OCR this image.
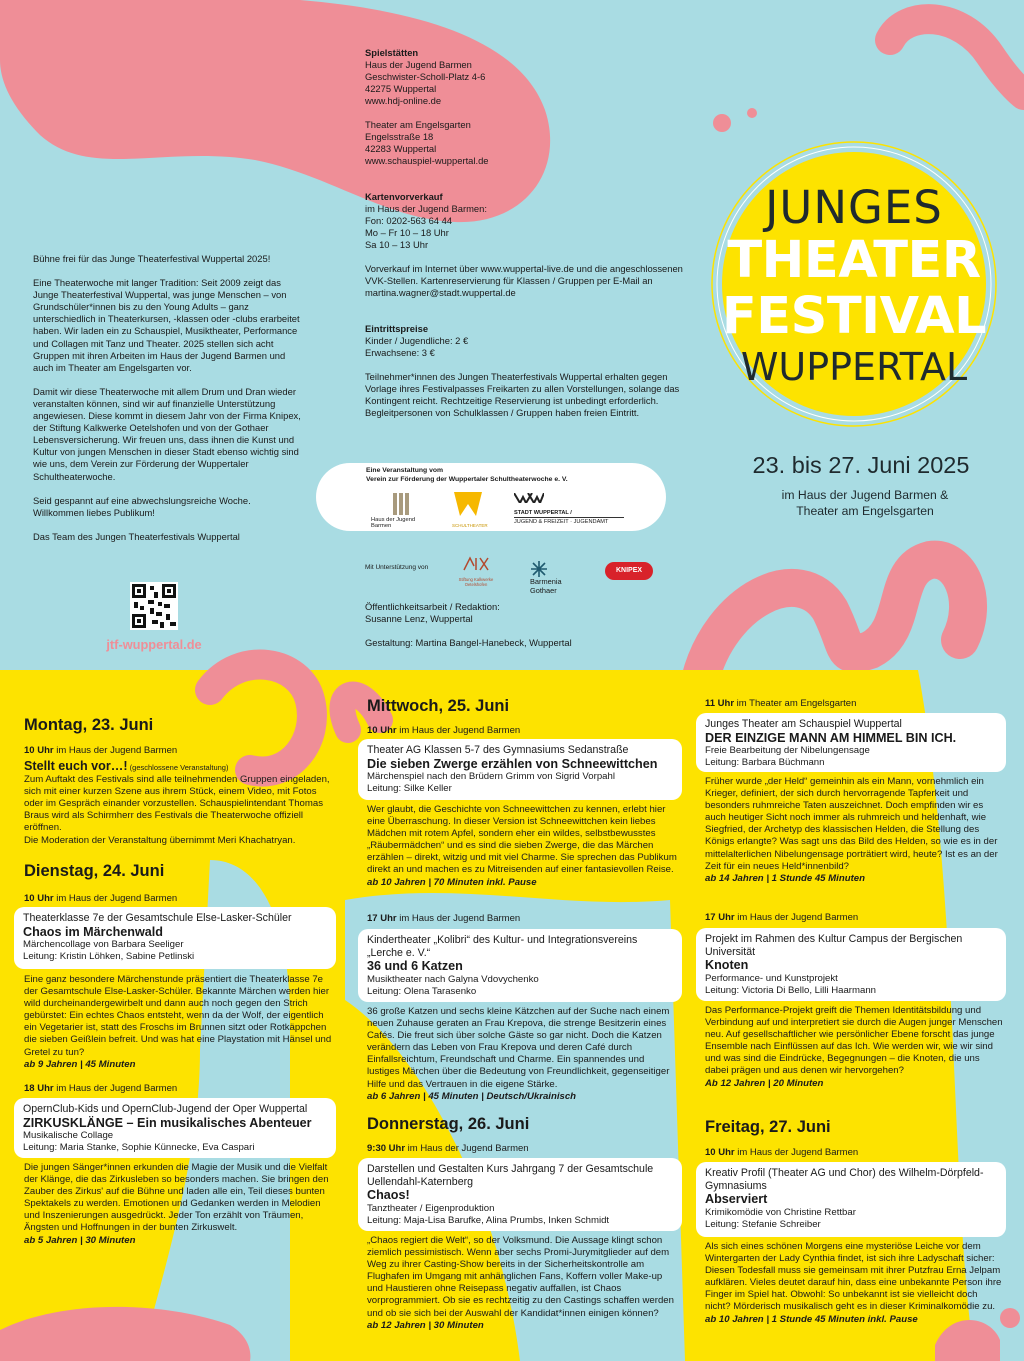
Bühne frei für das Junge Theaterfestival Wuppertal 2025!

Eine Theaterwoche mit langer Tradition: Seit 2009 zeigt das Junge Theaterfestival Wuppertal, was junge Menschen – von Grundschüler*innen bis zu den Young Adults – ganz unterschiedlich in Theaterkursen, -klassen oder -clubs erarbeitet haben. Wir laden ein zu Schauspiel, Musiktheater, Performance und Collagen mit Tanz und Theater. 2025 stellen sich acht Gruppen mit ihren Arbeiten im Haus der Jugend Barmen und auch im Theater am Engelsgarten vor.

Damit wir diese Theaterwoche mit allem Drum und Dran wieder veranstalten können, sind wir auf finanzielle Unterstützung angewiesen. Diese kommt in diesem Jahr von der Firma Knipex, der Stiftung Kalkwerke Oetelshofen und von der Gothaer Lebensversicherung. Wir freuen uns, dass ihnen die Kunst und Kultur von jungen Menschen in dieser Stadt ebenso wichtig sind wie uns, dem Verein zur Förderung der Wuppertaler Schultheaterwoche.

Seid gespannt auf eine abwechslungsreiche Woche. Willkommen liebes Publikum!

Das Team des Jungen Theaterfestivals Wuppertal

jtf-wuppertal.de
Spielstätten
Haus der Jugend Barmen
Geschwister-Scholl-Platz 4-6
42275 Wuppertal
www.hdj-online.de
Theater am Engelsgarten
Engelsstraße 18
42283 Wuppertal
www.schauspiel-wuppertal.de
Kartenvorverkauf
im Haus der Jugend Barmen:
Fon: 0202-563 64 44
Mo – Fr 10 – 18 Uhr
Sa 10 – 13 Uhr
Vorverkauf im Internet über www.wuppertal-live.de und die angeschlossenen VVK-Stellen. Kartenreservierung für Klassen / Gruppen per E-Mail an martina.wagner@stadt.wuppertal.de
Eintrittspreise
Kinder / Jugendliche: 2 €
Erwachsene: 3 €
Teilnehmer*innen des Jungen Theaterfestivals Wuppertal erhalten gegen Vorlage ihres Festivalpasses Freikarten zu allen Vorstellungen, solange das Kontingent reicht. Rechtzeitige Reservierung ist unbedingt erforderlich. Begleitpersonen von Schulklassen / Gruppen haben freien Eintritt.
Eine Veranstaltung vom
Verein zur Förderung der Wuppertaler Schultheaterwoche e. V.
Haus der Jugend Barmen	SCHULTHEATER
STADT WUPPERTAL /
JUGEND & FREIZEIT · JUGENDAMT
Mit Unterstützung von
Stiftung Kalkwerke Oetelshofen	Barmenia
Gothaer
KNIPEX

Öffentlichkeitsarbeit / Redaktion:
Susanne Lenz, Wuppertal

Gestaltung: Martina Bangel-Hanebeck, Wuppertal

JUNGES
THEATER
FESTIVAL
WUPPERTAL
23. bis 27. Juni 2025
im Haus der Jugend Barmen &
Theater am Engelsgarten
Montag, 23. Juni
10 Uhr im Haus der Jugend Barmen
Stellt euch vor…! (geschlossene Veranstaltung)
Zum Auftakt des Festivals sind alle teilnehmenden Gruppen eingeladen, sich mit einer kurzen Szene aus ihrem Stück, einem Video, mit Fotos oder im Gespräch einander vorzustellen. Schauspielintendant Thomas Braus wird als Schirmherr des Festivals die Theaterwoche offiziell eröffnen.
Die Moderation der Veranstaltung übernimmt Meri Khachatryan.
Dienstag, 24. Juni
10 Uhr im Haus der Jugend Barmen
Theaterklasse 7e der Gesamtschule Else-Lasker-Schüler
Chaos im Märchenwald
Märchencollage von Barbara Seeliger
Leitung: Kristin Löhken, Sabine Petlinski
Eine ganz besondere Märchenstunde präsentiert die Theaterklasse 7e der Gesamtschule Else-Lasker-Schüler. Bekannte Märchen werden hier wild durcheinandergewirbelt und dann auch noch gegen den Strich gebürstet: Ein echtes Chaos entsteht, wenn da der Wolf, der eigentlich ein Vegetarier ist, statt des Froschs im Brunnen sitzt oder Rotkäppchen die sieben Geißlein befreit. Und was hat eine Playstation mit Hänsel und Gretel zu tun?
ab 9 Jahren | 45 Minuten
18 Uhr im Haus der Jugend Barmen
OpernClub-Kids und OpernClub-Jugend der Oper Wuppertal
ZIRKUSKLÄNGE – Ein musikalisches Abenteuer
Musikalische Collage
Leitung: Maria Stanke, Sophie Künnecke, Eva Caspari
Die jungen Sänger*innen erkunden die Magie der Musik und die Vielfalt der Klänge, die das Zirkusleben so besonders machen. Sie bringen den Zauber des Zirkus' auf die Bühne und laden alle ein, Teil dieses bunten Spektakels zu werden. Emotionen und Gedanken werden in Melodien und Inszenierungen ausgedrückt. Jeder Ton erzählt von Träumen, Ängsten und Hoffnungen in der bunten Zirkuswelt.
ab 5 Jahren | 30 Minuten
Mittwoch, 25. Juni
10 Uhr im Haus der Jugend Barmen
Theater AG Klassen 5-7 des Gymnasiums Sedanstraße
Die sieben Zwerge erzählen von Schneewittchen
Märchenspiel nach den Brüdern Grimm von Sigrid Vorpahl
Leitung: Silke Keller
Wer glaubt, die Geschichte von Schneewittchen zu kennen, erlebt hier eine Überraschung. In dieser Version ist Schneewittchen kein liebes Mädchen mit rotem Apfel, sondern eher ein wildes, selbstbewusstes „Räubermädchen“ und es sind die sieben Zwerge, die das Märchen erzählen – direkt, witzig und mit viel Charme. Sie sprechen das Publikum direkt an und machen es zu Mitreisenden auf einer fantasievollen Reise.
ab 10 Jahren | 70 Minuten inkl. Pause
17 Uhr im Haus der Jugend Barmen
Kindertheater „Kolibri“ des Kultur- und Integrationsvereins „Lerche e. V.“
36 und 6 Katzen
Musiktheater nach Galyna Vdovychenko
Leitung: Olena Tarasenko
36 große Katzen und sechs kleine Kätzchen auf der Suche nach einem neuen Zuhause geraten an Frau Krepova, die strenge Besitzerin eines Cafés. Die freut sich über solche Gäste so gar nicht. Doch die Katzen verändern das Leben von Frau Krepova und deren Café durch Einfallsreichtum, Freundschaft und Charme. Ein spannendes und lustiges Märchen über die Bedeutung von Freundlichkeit, gegenseitiger Hilfe und das Vertrauen in die eigene Stärke.
ab 6 Jahren | 45 Minuten | Deutsch/Ukrainisch
Donnerstag, 26. Juni
9:30 Uhr im Haus der Jugend Barmen
Darstellen und Gestalten Kurs Jahrgang 7 der Gesamtschule Uellendahl-Katernberg
Chaos!
Tanztheater / Eigenproduktion
Leitung: Maja-Lisa Barufke, Alina Prumbs, Inken Schmidt
„Chaos regiert die Welt“, so der Volksmund. Die Aussage klingt schon ziemlich pessimistisch. Wenn aber sechs Promi-Jurymitglieder auf dem Weg zu ihrer Casting-Show bereits in der Sicherheitskontrolle am Flughafen im Umgang mit anhänglichen Fans, Koffern voller Make-up und Haustieren ohne Reisepass negativ auffallen, ist Chaos vorprogrammiert. Ob sie es rechtzeitig zu den Castings schaffen werden und ob sie sich bei der Auswahl der Kandidat*innen einigen können?
ab 12 Jahren | 30 Minuten
11 Uhr im Theater am Engelsgarten
Junges Theater am Schauspiel Wuppertal
DER EINZIGE MANN AM HIMMEL BIN ICH.
Freie Bearbeitung der Nibelungensage
Leitung: Barbara Büchmann
Früher wurde „der Held“ gemeinhin als ein Mann, vornehmlich ein Krieger, definiert, der sich durch hervorragende Tapferkeit und besonders ruhmreiche Taten auszeichnet. Doch empfinden wir es auch heutiger Sicht noch immer als ruhmreich und heldenhaft, wie Siegfried, der Archetyp des klassischen Helden, die Stellung des Königs erlangte? Was sagt uns das Bild des Helden, so wie es in der mittelalterlichen Nibelungensage porträtiert wird, heute? Ist es an der Zeit für ein neues Held*innenbild?
ab 14 Jahren | 1 Stunde 45 Minuten
17 Uhr im Haus der Jugend Barmen
Projekt im Rahmen des Kultur Campus der Bergischen Universität
Knoten
Performance- und Kunstprojekt
Leitung: Victoria Di Bello, Lilli Haarmann
Das Performance-Projekt greift die Themen Identitätsbildung und Verbindung auf und interpretiert sie durch die Augen junger Menschen neu. Auf gesellschaftlicher wie persönlicher Ebene forscht das junge Ensemble nach Einflüssen auf das Ich. Wie werden wir, wie wir sind und was sind die Eindrücke, Begegnungen – die Knoten, die uns dabei prägen und aus denen wir hervorgehen?
Ab 12 Jahren | 20 Minuten
Freitag, 27. Juni
10 Uhr im Haus der Jugend Barmen
Kreativ Profil (Theater AG und Chor) des Wilhelm-Dörpfeld-Gymnasiums
Abserviert
Krimikomödie von Christine Rettbar
Leitung: Stefanie Schreiber
Als sich eines schönen Morgens eine mysteriöse Leiche vor dem Wintergarten der Lady Cynthia findet, ist sich ihre Ladyschaft sicher: Diesen Todesfall muss sie gemeinsam mit ihrer Putzfrau Erna Jelpam aufklären. Vieles deutet darauf hin, dass eine unbekannte Person ihre Finger im Spiel hat. Obwohl: So unbekannt ist sie vielleicht doch nicht? Mörderisch musikalisch geht es in dieser Kriminalkomödie zu.
ab 10 Jahren | 1 Stunde 45 Minuten inkl. Pause
